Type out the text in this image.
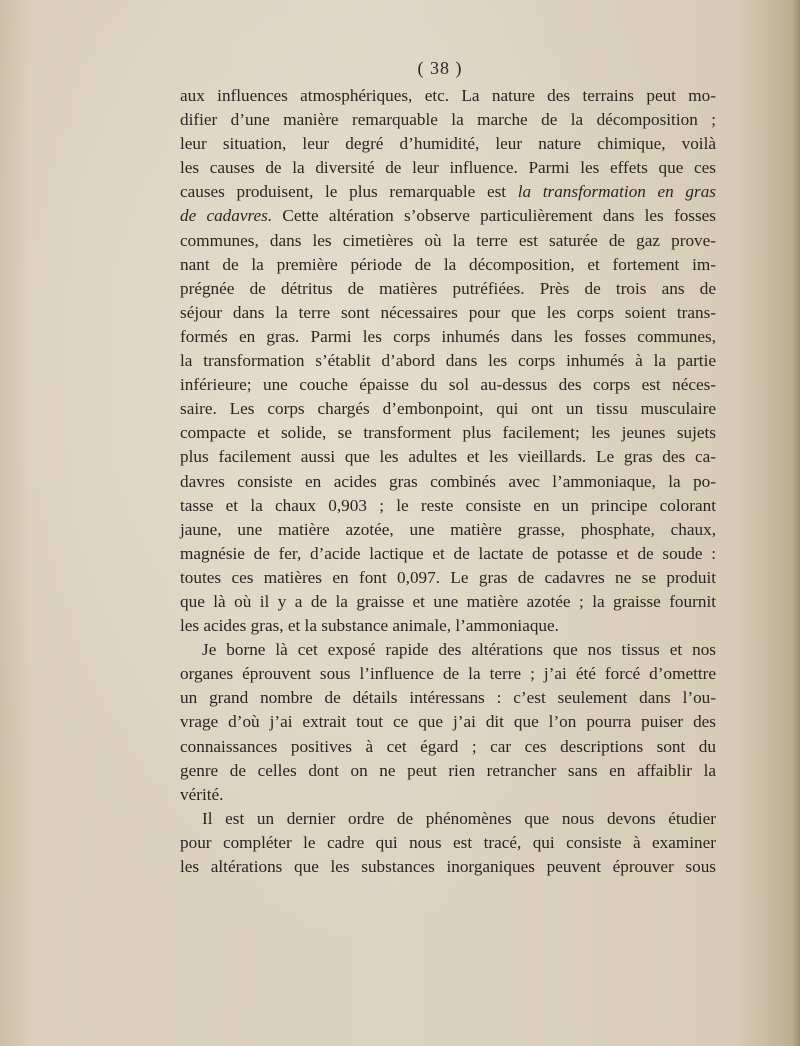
( 38 )
aux influences atmosphériques, etc. La nature des terrains peut mo-
difier d’une manière remarquable la marche de la décomposition ;
leur situation, leur degré d’humidité, leur nature chimique, voilà
les causes de la diversité de leur influence. Parmi les effets que ces
causes produisent, le plus remarquable est la transformation en gras
de cadavres. Cette altération s’observe particulièrement dans les fosses
communes, dans les cimetières où la terre est saturée de gaz prove-
nant de la première période de la décomposition, et fortement im-
prégnée de détritus de matières putréfiées. Près de trois ans de
séjour dans la terre sont nécessaires pour que les corps soient trans-
formés en gras. Parmi les corps inhumés dans les fosses communes,
la transformation s’établit d’abord dans les corps inhumés à la partie
inférieure; une couche épaisse du sol au-dessus des corps est néces-
saire. Les corps chargés d’embonpoint, qui ont un tissu musculaire
compacte et solide, se transforment plus facilement; les jeunes sujets
plus facilement aussi que les adultes et les vieillards. Le gras des ca-
davres consiste en acides gras combinés avec l’ammoniaque, la po-
tasse et la chaux 0,903 ; le reste consiste en un principe colorant
jaune, une matière azotée, une matière grasse, phosphate, chaux,
magnésie de fer, d’acide lactique et de lactate de potasse et de soude :
toutes ces matières en font 0,097. Le gras de cadavres ne se produit
que là où il y a de la graisse et une matière azotée ; la graisse fournit
les acides gras, et la substance animale, l’ammoniaque.
Je borne là cet exposé rapide des altérations que nos tissus et nos
organes éprouvent sous l’influence de la terre ; j’ai été forcé d’omettre
un grand nombre de détails intéressans : c’est seulement dans l’ou-
vrage d’où j’ai extrait tout ce que j’ai dit que l’on pourra puiser des
connaissances positives à cet égard ; car ces descriptions sont du
genre de celles dont on ne peut rien retrancher sans en affaiblir la
vérité.
Il est un dernier ordre de phénomènes que nous devons étudier
pour compléter le cadre qui nous est tracé, qui consiste à examiner
les altérations que les substances inorganiques peuvent éprouver sous
